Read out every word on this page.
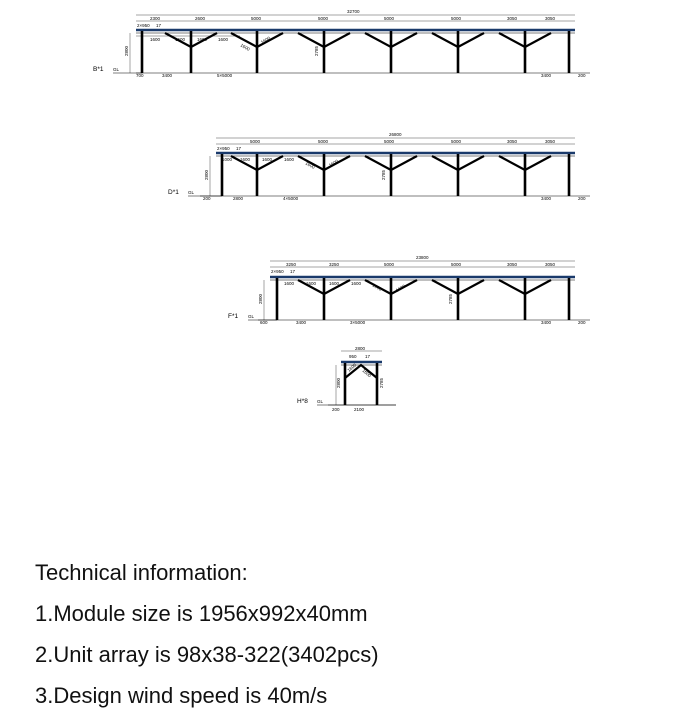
B*1 GL
32700
2300	2600	5000	5000	5000	5000	3050	3050
2×950 17
1600	1600	1600 1600
1600
1600
2800	2785
700	3400	5×5000	3400	200
D*1 GL
26800
5000	5000	5000	5000	3050	3050
2×950 17
1000 1600	1600	1600
1600	1600
2800	2785
200	2800	4×5000	3400	200
F*1 GL
23800
3250	3250	5000	5000	3050	3050
2×950 17
1600	1600	1600	1600 1600	1600
2800	2785
600	3400	3×5000	3400	200
H*8 GL
2800
950 17
1600
1600
2800	2785
200	2100
Technical information:
1.Module size is 1956x992x40mm
2.Unit array is 98x38-322(3402pcs)
3.Design wind speed is 40m/s
